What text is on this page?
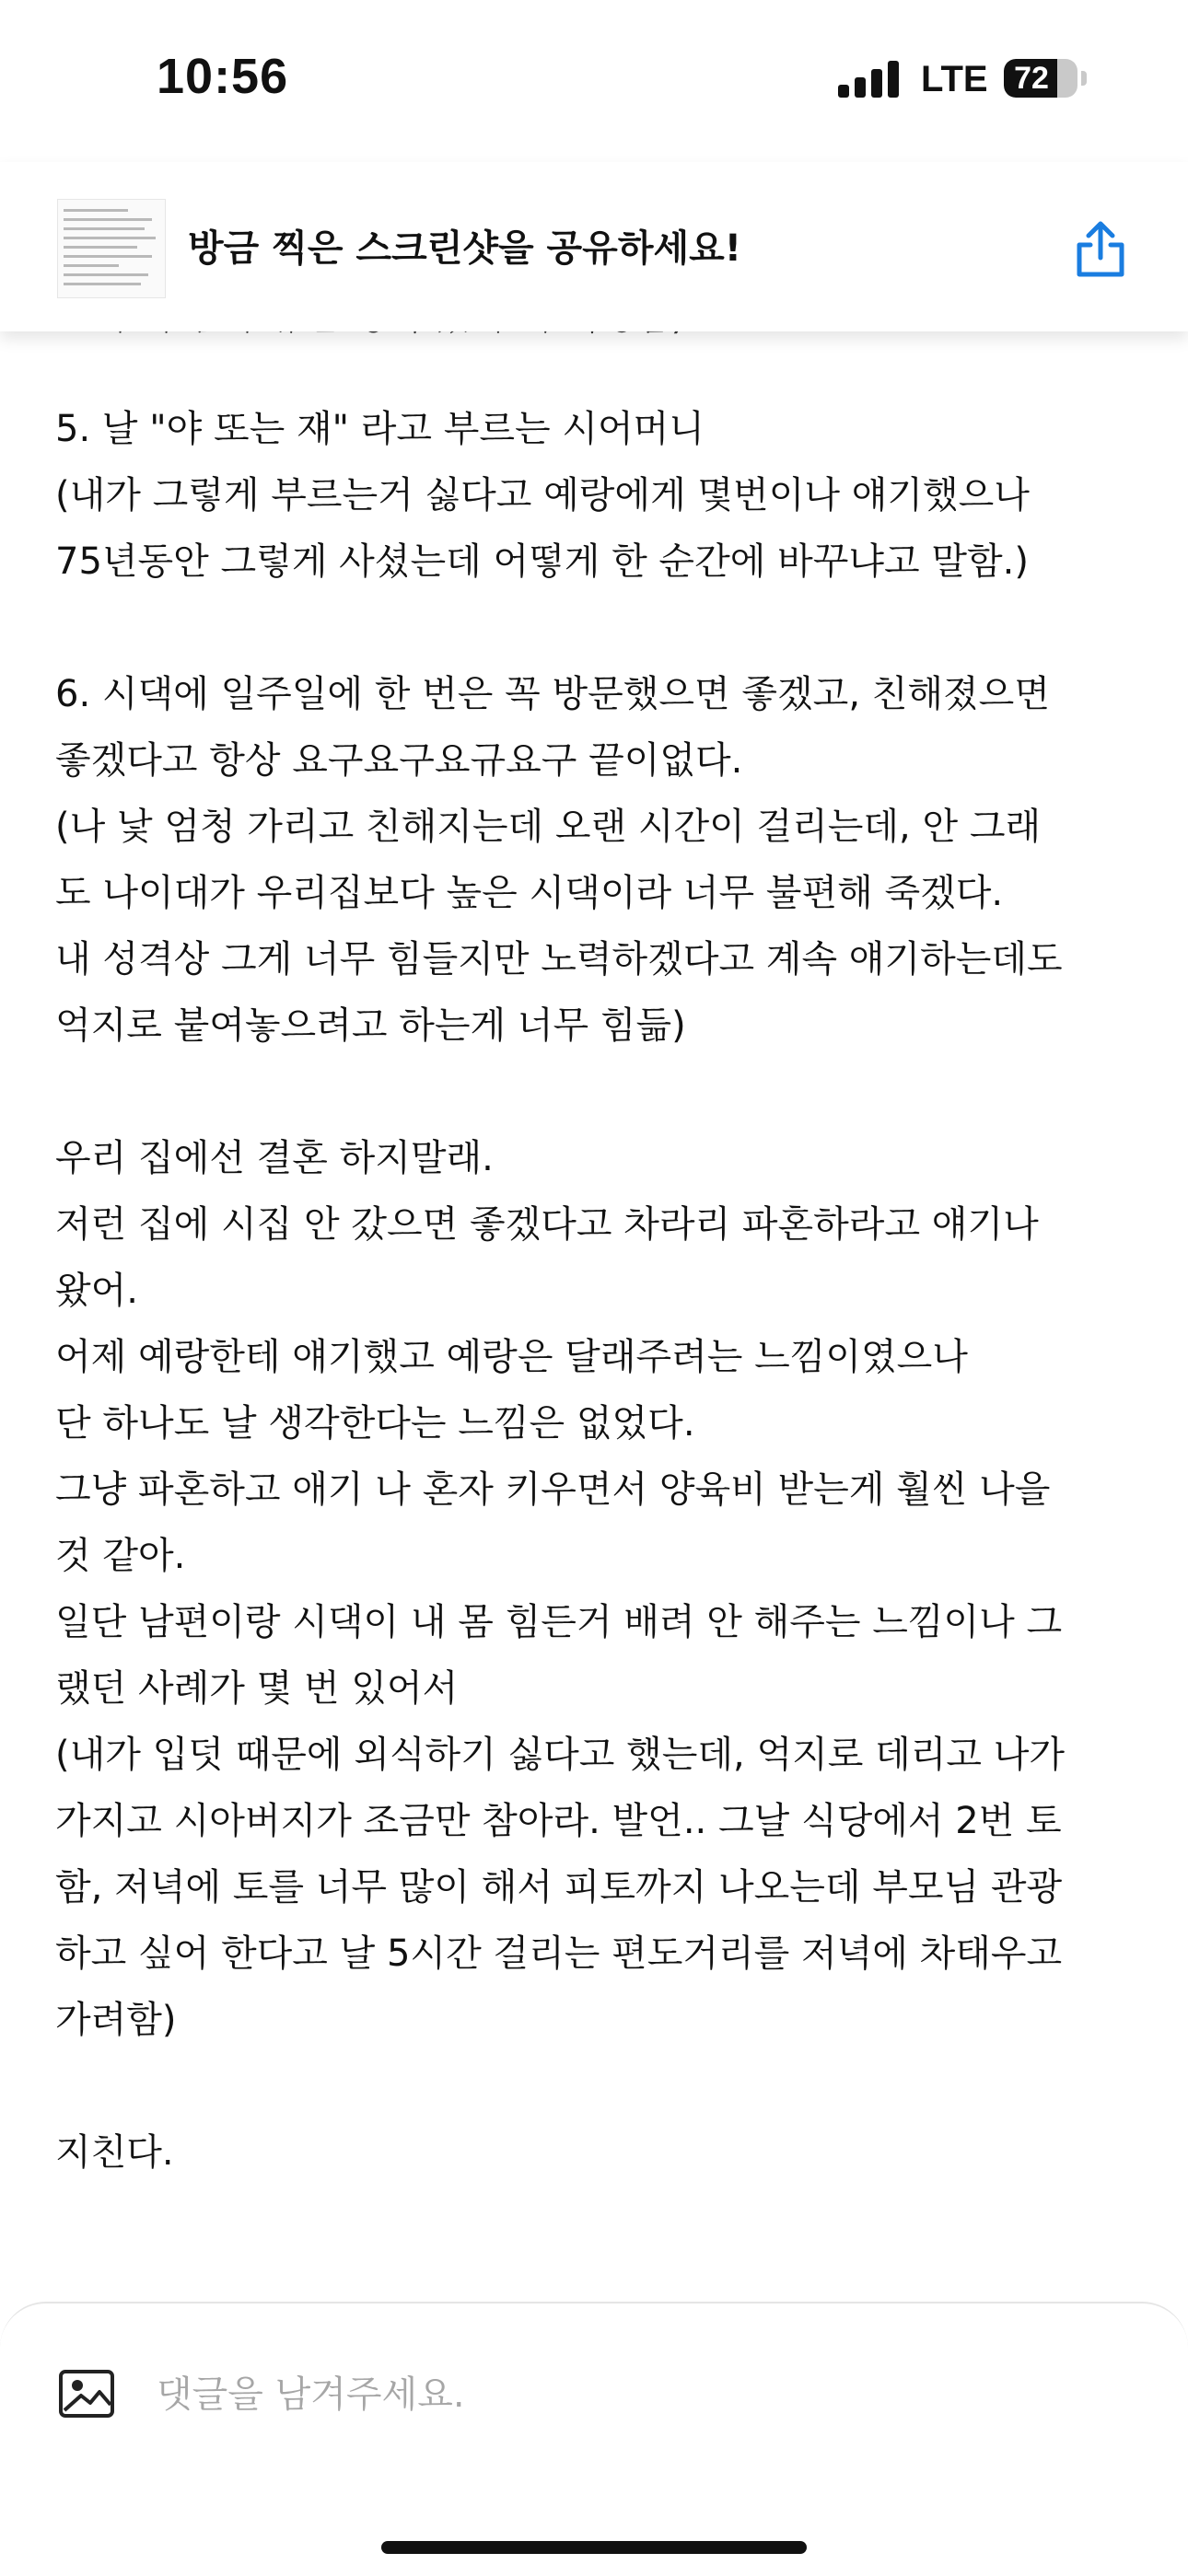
10:56	LTE 72

5. 날 "야 또는 쟤" 라고 부르는 시어머니

(내가 그렇게 부르는거 싫다고 예랑에게 몇번이나 얘기했으나

75년동안 그렇게 사셨는데 어떻게 한 순간에 바꾸냐고 말함.)

6. 시댁에 일주일에 한 번은 꼭 방문했으면 좋겠고, 친해졌으면

좋겠다고 항상 요구요구요규요구 끝이없다.

(나 낯 엄청 가리고 친해지는데 오랜 시간이 걸리는데, 안 그래

도 나이대가 우리집보다 높은 시댁이라 너무 불편해 죽겠다.

내 성격상 그게 너무 힘들지만 노력하겠다고 계속 얘기하는데도

억지로 붙여놓으려고 하는게 너무 힘듦)

우리 집에선 결혼 하지말래.

저런 집에 시집 안 갔으면 좋겠다고 차라리 파혼하라고 얘기나

왔어.

어제 예랑한테 얘기했고 예랑은 달래주려는 느낌이였으나

단 하나도 날 생각한다는 느낌은 없었다.

그냥 파혼하고 애기 나 혼자 키우면서 양육비 받는게 훨씬 나을

것 같아.

일단 남편이랑 시댁이 내 몸 힘든거 배려 안 해주는 느낌이나 그

랬던 사례가 몇 번 있어서

(내가 입덧 때문에 외식하기 싫다고 했는데, 억지로 데리고 나가

가지고 시아버지가 조금만 참아라. 발언.. 그날 식당에서 2번 토

함, 저녁에 토를 너무 많이 해서 피토까지 나오는데 부모님 관광

하고 싶어 한다고 날 5시간 걸리는 편도거리를 저녁에 차태우고

가려함)

지친다.

방금 찍은 스크린샷을 공유하세요!
댓글을 남겨주세요.
